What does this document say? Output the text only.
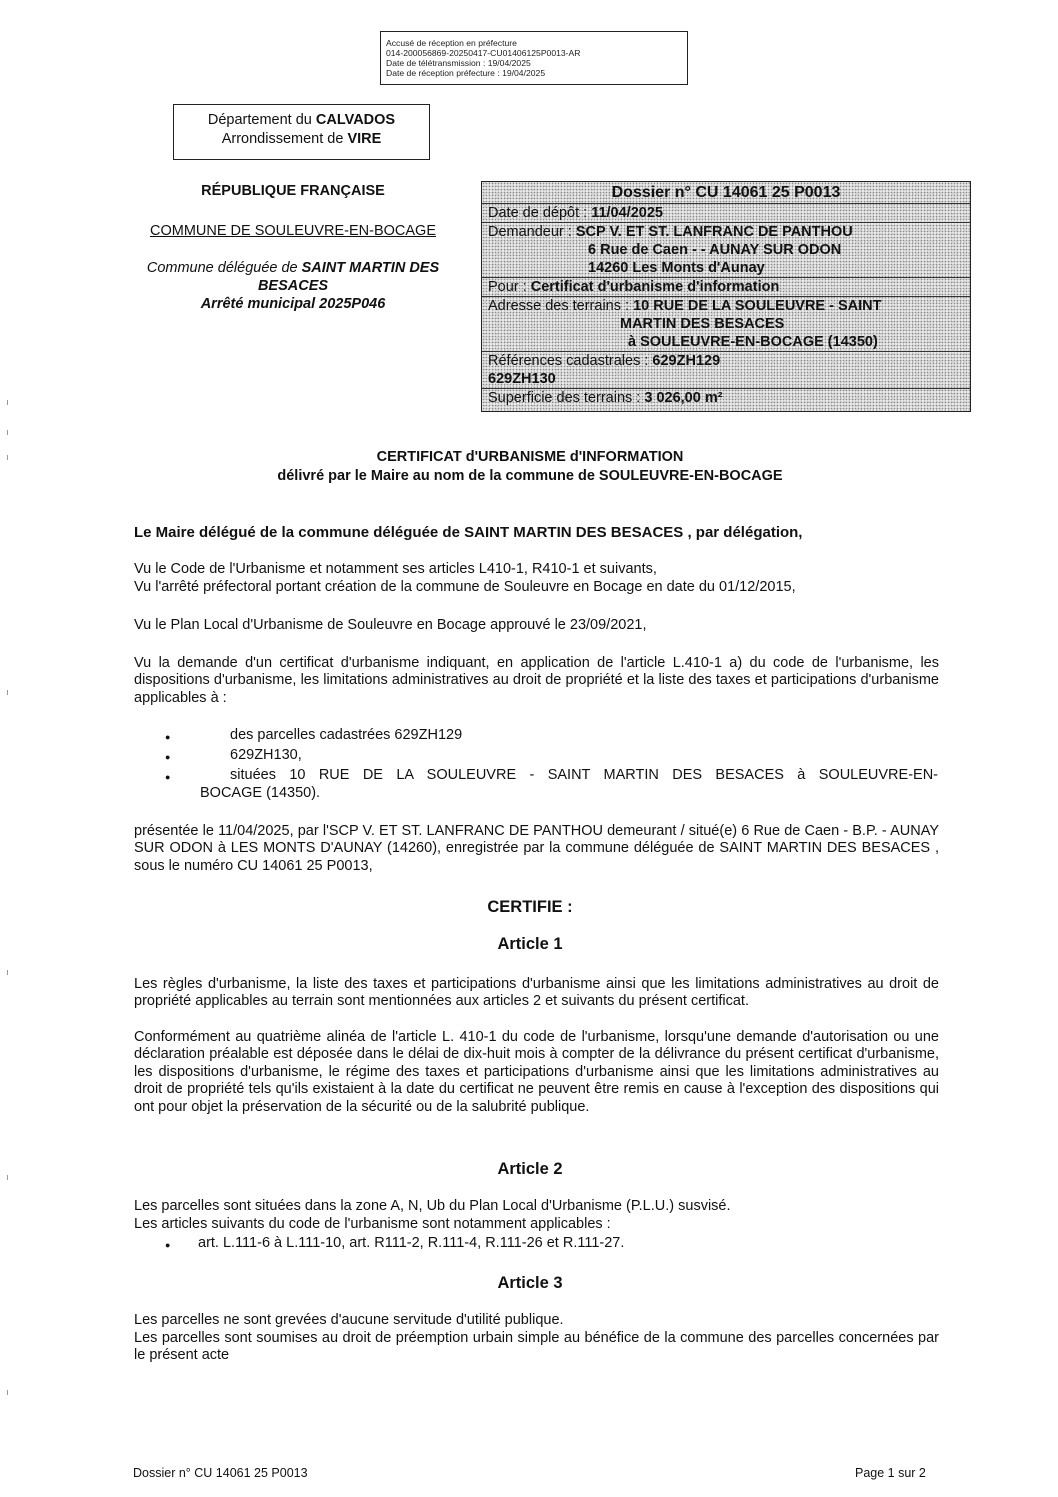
Accusé de réception en préfecture
014-200056869-20250417-CU01406125P0013-AR
Date de télétransmission : 19/04/2025
Date de réception préfecture : 19/04/2025
Département du CALVADOS
Arrondissement de VIRE
RÉPUBLIQUE FRANÇAISE
COMMUNE DE SOULEUVRE-EN-BOCAGE
Commune déléguée de SAINT MARTIN DES BESACES
Arrêté municipal 2025P046
Dossier n° CU 14061 25 P0013
Date de dépôt : 11/04/2025
Demandeur : SCP V. ET ST. LANFRANC DE PANTHOU
6 Rue de Caen - - AUNAY SUR ODON
14260 Les Monts d'Aunay
Pour : Certificat d'urbanisme d'information
Adresse des terrains : 10 RUE DE LA SOULEUVRE - SAINT
MARTIN DES BESACES
à SOULEUVRE-EN-BOCAGE (14350)
Références cadastrales : 629ZH129
629ZH130
Superficie des terrains : 3 026,00 m²
CERTIFICAT d'URBANISME d'INFORMATION
délivré par le Maire au nom de la commune de SOULEUVRE-EN-BOCAGE
Le Maire délégué de la commune déléguée de SAINT MARTIN DES BESACES , par délégation,
Vu le Code de l'Urbanisme et notamment ses articles L410-1, R410-1 et suivants,
Vu l'arrêté préfectoral portant création de la commune de Souleuvre en Bocage en date du 01/12/2015,
Vu le Plan Local d'Urbanisme de Souleuvre en Bocage approuvé le 23/09/2021,
Vu la demande d'un certificat d'urbanisme indiquant, en application de l'article L.410-1 a) du code de l'urbanisme, les dispositions d'urbanisme, les limitations administratives au droit de propriété et la liste des taxes et participations d'urbanisme applicables à :
●	des parcelles cadastrées 629ZH129
●	629ZH130,
●	situées 10 RUE DE LA SOULEUVRE - SAINT MARTIN DES BESACES à SOULEUVRE-EN-
BOCAGE (14350).
présentée le 11/04/2025, par l'SCP V. ET ST. LANFRANC DE PANTHOU demeurant / situé(e) 6 Rue de Caen - B.P. - AUNAY SUR ODON à LES MONTS D'AUNAY (14260), enregistrée par la commune déléguée de SAINT MARTIN DES BESACES , sous le numéro CU 14061 25 P0013,
CERTIFIE :
Article 1
Les règles d'urbanisme, la liste des taxes et participations d'urbanisme ainsi que les limitations administratives au droit de propriété applicables au terrain sont mentionnées aux articles 2 et suivants du présent certificat.
Conformément au quatrième alinéa de l'article L. 410-1 du code de l'urbanisme, lorsqu'une demande d'autorisation ou une déclaration préalable est déposée dans le délai de dix-huit mois à compter de la délivrance du présent certificat d'urbanisme, les dispositions d'urbanisme, le régime des taxes et participations d'urbanisme ainsi que les limitations administratives au droit de propriété tels qu'ils existaient à la date du certificat ne peuvent être remis en cause à l'exception des dispositions qui ont pour objet la préservation de la sécurité ou de la salubrité publique.
Article 2
Les parcelles sont situées dans la zone A, N, Ub du Plan Local d'Urbanisme (P.L.U.) susvisé.
Les articles suivants du code de l'urbanisme sont notamment applicables :
● art. L.111-6 à L.111-10, art. R111-2, R.111-4, R.111-26 et R.111-27.
Article 3
Les parcelles ne sont grevées d'aucune servitude d'utilité publique.
Les parcelles sont soumises au droit de préemption urbain simple au bénéfice de la commune des parcelles concernées par le présent acte
Dossier n° CU 14061 25 P0013	Page 1 sur 2
